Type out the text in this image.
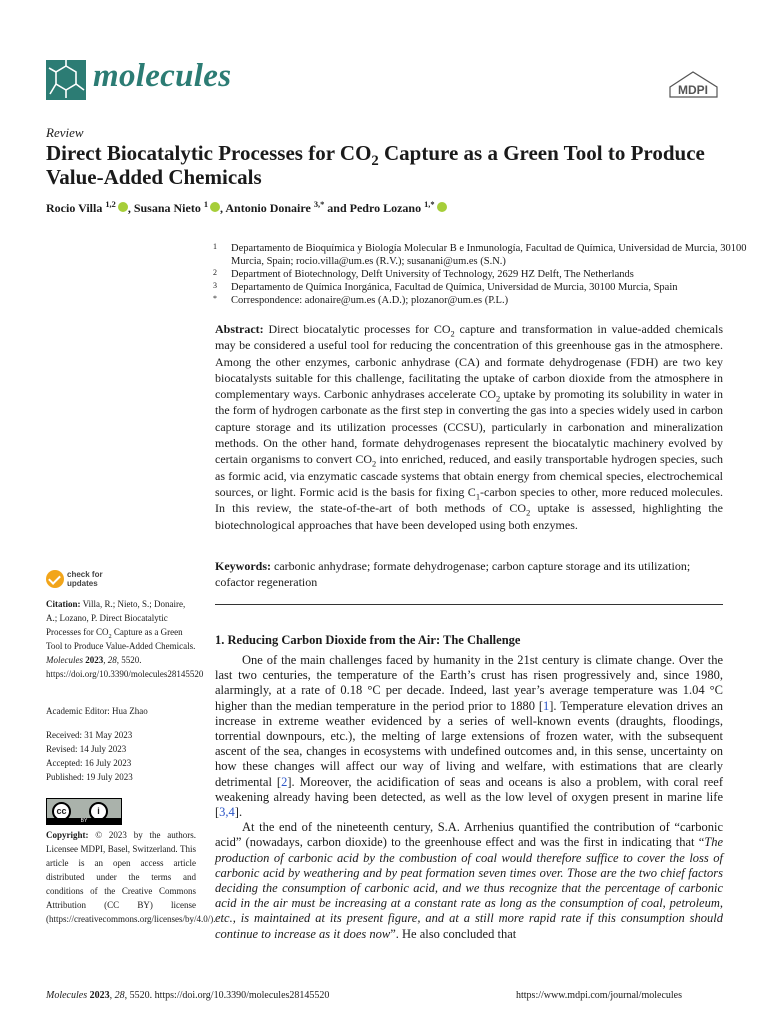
molecules	MDPI
Review
Direct Biocatalytic Processes for $CO_2$ Capture as a Green Tool to Produce Value-Added Chemicals
Rocio Villa $^{1,2}$ , Susana Nieto $^1$ , Antonio Donaire $^{3,*}$ and Pedro Lozano $^{1,*}$
1 Departamento de Bioquímica y Biología Molecular B e Inmunología, Facultad de Química, Universidad de Murcia, 30100 Murcia, Spain; rocio.villa@um.es (R.V.); susanani@um.es (S.N.)
2 Department of Biotechnology, Delft University of Technology, 2629 HZ Delft, The Netherlands
3 Departamento de Química Inorgánica, Facultad de Química, Universidad de Murcia, 30100 Murcia, Spain
* Correspondence: adonaire@um.es (A.D.); plozanor@um.es (P.L.)
Abstract: Direct biocatalytic processes for $CO_2$ capture and transformation in value-added chemicals may be considered a useful tool for reducing the concentration of this greenhouse gas in the atmosphere. Among the other enzymes, carbonic anhydrase (CA) and formate dehydrogenase (FDH) are two key biocatalysts suitable for this challenge, facilitating the uptake of carbon dioxide from the atmosphere in complementary ways. Carbonic anhydrases accelerate $CO_2$ uptake by promoting its solubility in water in the form of hydrogen carbonate as the first step in converting the gas into a species widely used in carbon capture storage and its utilization processes (CCSU), particularly in carbonation and mineralization methods. On the other hand, formate dehydrogenases represent the biocatalytic machinery evolved by certain organisms to convert $CO_2$ into enriched, reduced, and easily transportable hydrogen species, such as formic acid, via enzymatic cascade systems that obtain energy from chemical species, electrochemical sources, or light. Formic acid is the basis for fixing $C_1$-carbon species to other, more reduced molecules. In this review, the state-of-the-art of both methods of $CO_2$ uptake is assessed, highlighting the biotechnological approaches that have been developed using both enzymes.
Keywords: carbonic anhydrase; formate dehydrogenase; carbon capture storage and its utilization; cofactor regeneration
1. Reducing Carbon Dioxide from the Air: The Challenge

One of the main challenges faced by humanity in the 21st century is climate change. Over the last two centuries, the temperature of the Earth’s crust has risen progressively and, since 1980, alarmingly, at a rate of 0.18 °C per decade. Indeed, last year’s average temperature was 1.04 °C higher than the median temperature in the period prior to 1880 [1]. Temperature elevation drives an increase in extreme weather evidenced by a series of well-known events (draughts, floodings, torrential downpours, etc.), the melting of large extensions of frozen water, with the subsequent ascent of the sea, changes in ecosystems with undefined outcomes and, in this sense, uncertainty on how these changes will affect our way of living and welfare, with estimations that are clearly detrimental [2]. Moreover, the acidification of seas and oceans is also a problem, with coral reef weakening already having been detected, as well as the low level of oxygen present in marine life [3,4].

At the end of the nineteenth century, S.A. Arrhenius quantified the contribution of “carbonic acid” (nowadays, carbon dioxide) to the greenhouse effect and was the first in indicating that “The production of carbonic acid by the combustion of coal would therefore suffice to cover the loss of carbonic acid by weathering and by peat formation seven times over. Those are the two chief factors deciding the consumption of carbonic acid, and we thus recognize that the percentage of carbonic acid in the air must be increasing at a constant rate as long as the consumption of coal, petroleum, etc., is maintained at its present figure, and at a still more rapid rate if this consumption should continue to increase as it does now”. He also concluded that

check for
updates
Citation: Villa, R.; Nieto, S.; Donaire, A.; Lozano, P. Direct Biocatalytic Processes for $CO_2$ Capture as a Green Tool to Produce Value-Added Chemicals. Molecules 2023, 28, 5520. https://doi.org/10.3390/molecules28145520
Academic Editor: Hua Zhao
Received: 31 May 2023
Revised: 14 July 2023
Accepted: 16 July 2023
Published: 19 July 2023
cc	i
BY
Copyright: © 2023 by the authors. Licensee MDPI, Basel, Switzerland. This article is an open access article distributed under the terms and conditions of the Creative Commons Attribution (CC BY) license (https://creativecommons.org/licenses/by/4.0/).
Molecules 2023, 28, 5520. https://doi.org/10.3390/molecules28145520	https://www.mdpi.com/journal/molecules
